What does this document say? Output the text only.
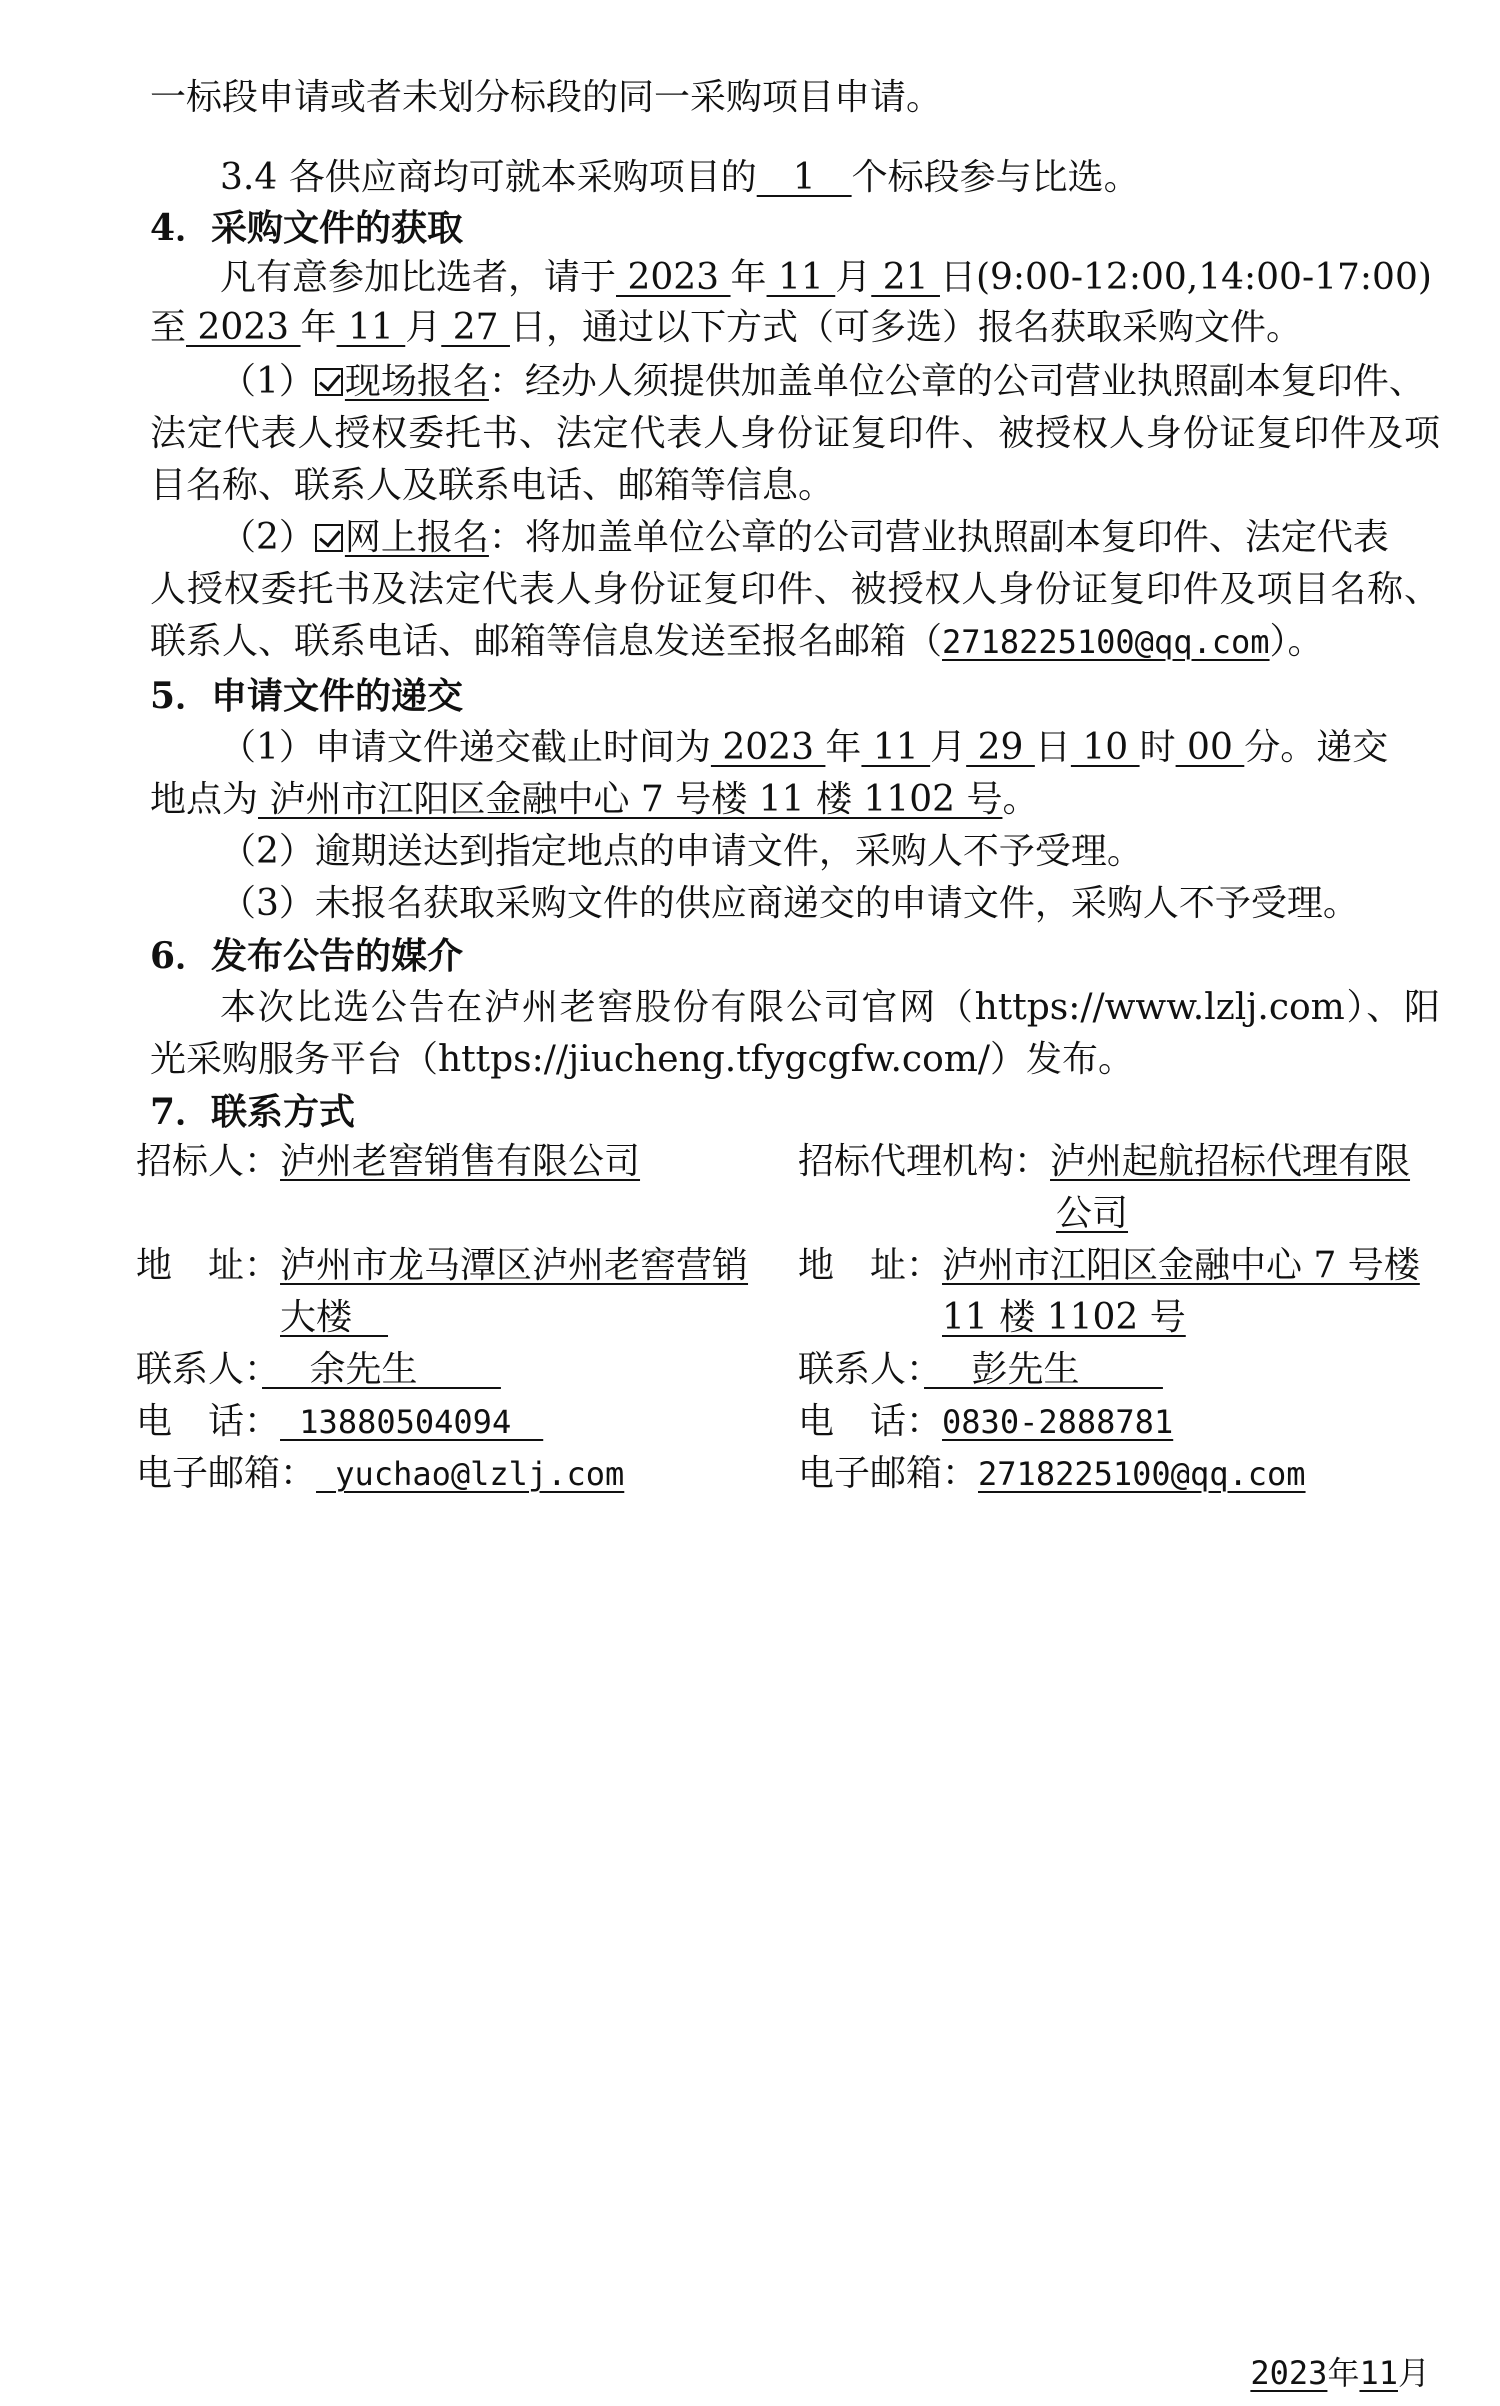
一标段申请或者未划分标段的同一采购项目申请。
3.4 各供应商均可就本采购项目的　1　个标段参与比选。
4．采购文件的获取
凡有意参加比选者，请于 2023 年 11 月 21 日(9:00-12:00,14:00-17:00)
至 2023 年 11 月 27 日，通过以下方式（可多选）报名获取采购文件。
（1） 现场报名：经办人须提供加盖单位公章的公司营业执照副本复印件、
法定代表人授权委托书、法定代表人身份证复印件、被授权人身份证复印件及项
目名称、联系人及联系电话、邮箱等信息。
（2） 网上报名：将加盖单位公章的公司营业执照副本复印件、法定代表
人授权委托书及法定代表人身份证复印件、被授权人身份证复印件及项目名称、
联系人、联系电话、邮箱等信息发送至报名邮箱（2718225100@qq.com）。
5．申请文件的递交
（1）申请文件递交截止时间为 2023 年 11 月 29 日 10 时 00 分。递交
地点为 泸州市江阳区金融中心 7 号楼 11 楼 1102 号。
（2）逾期送达到指定地点的申请文件，采购人不予受理。
（3）未报名获取采购文件的供应商递交的申请文件，采购人不予受理。
6．发布公告的媒介
本次比选公告在泸州老窖股份有限公司官网（https://www.lzlj.com）、阳
光采购服务平台（https://jiucheng.tfygcgfw.com/）发布。
7．联系方式
招标人：泸州老窖销售有限公司
地　址：泸州市龙马潭区泸州老窖营销
大楼　
联系人：　 余先生 　　
电　话： 13880504094　
电子邮箱： yuchao@lzlj.com
招标代理机构：泸州起航招标代理有限
公司
地　址：泸州市江阳区金融中心 7 号楼
11 楼 1102 号
联系人：　 彭先生 　　
电　话：0830-2888781
电子邮箱：2718225100@qq.com
2023年11月
